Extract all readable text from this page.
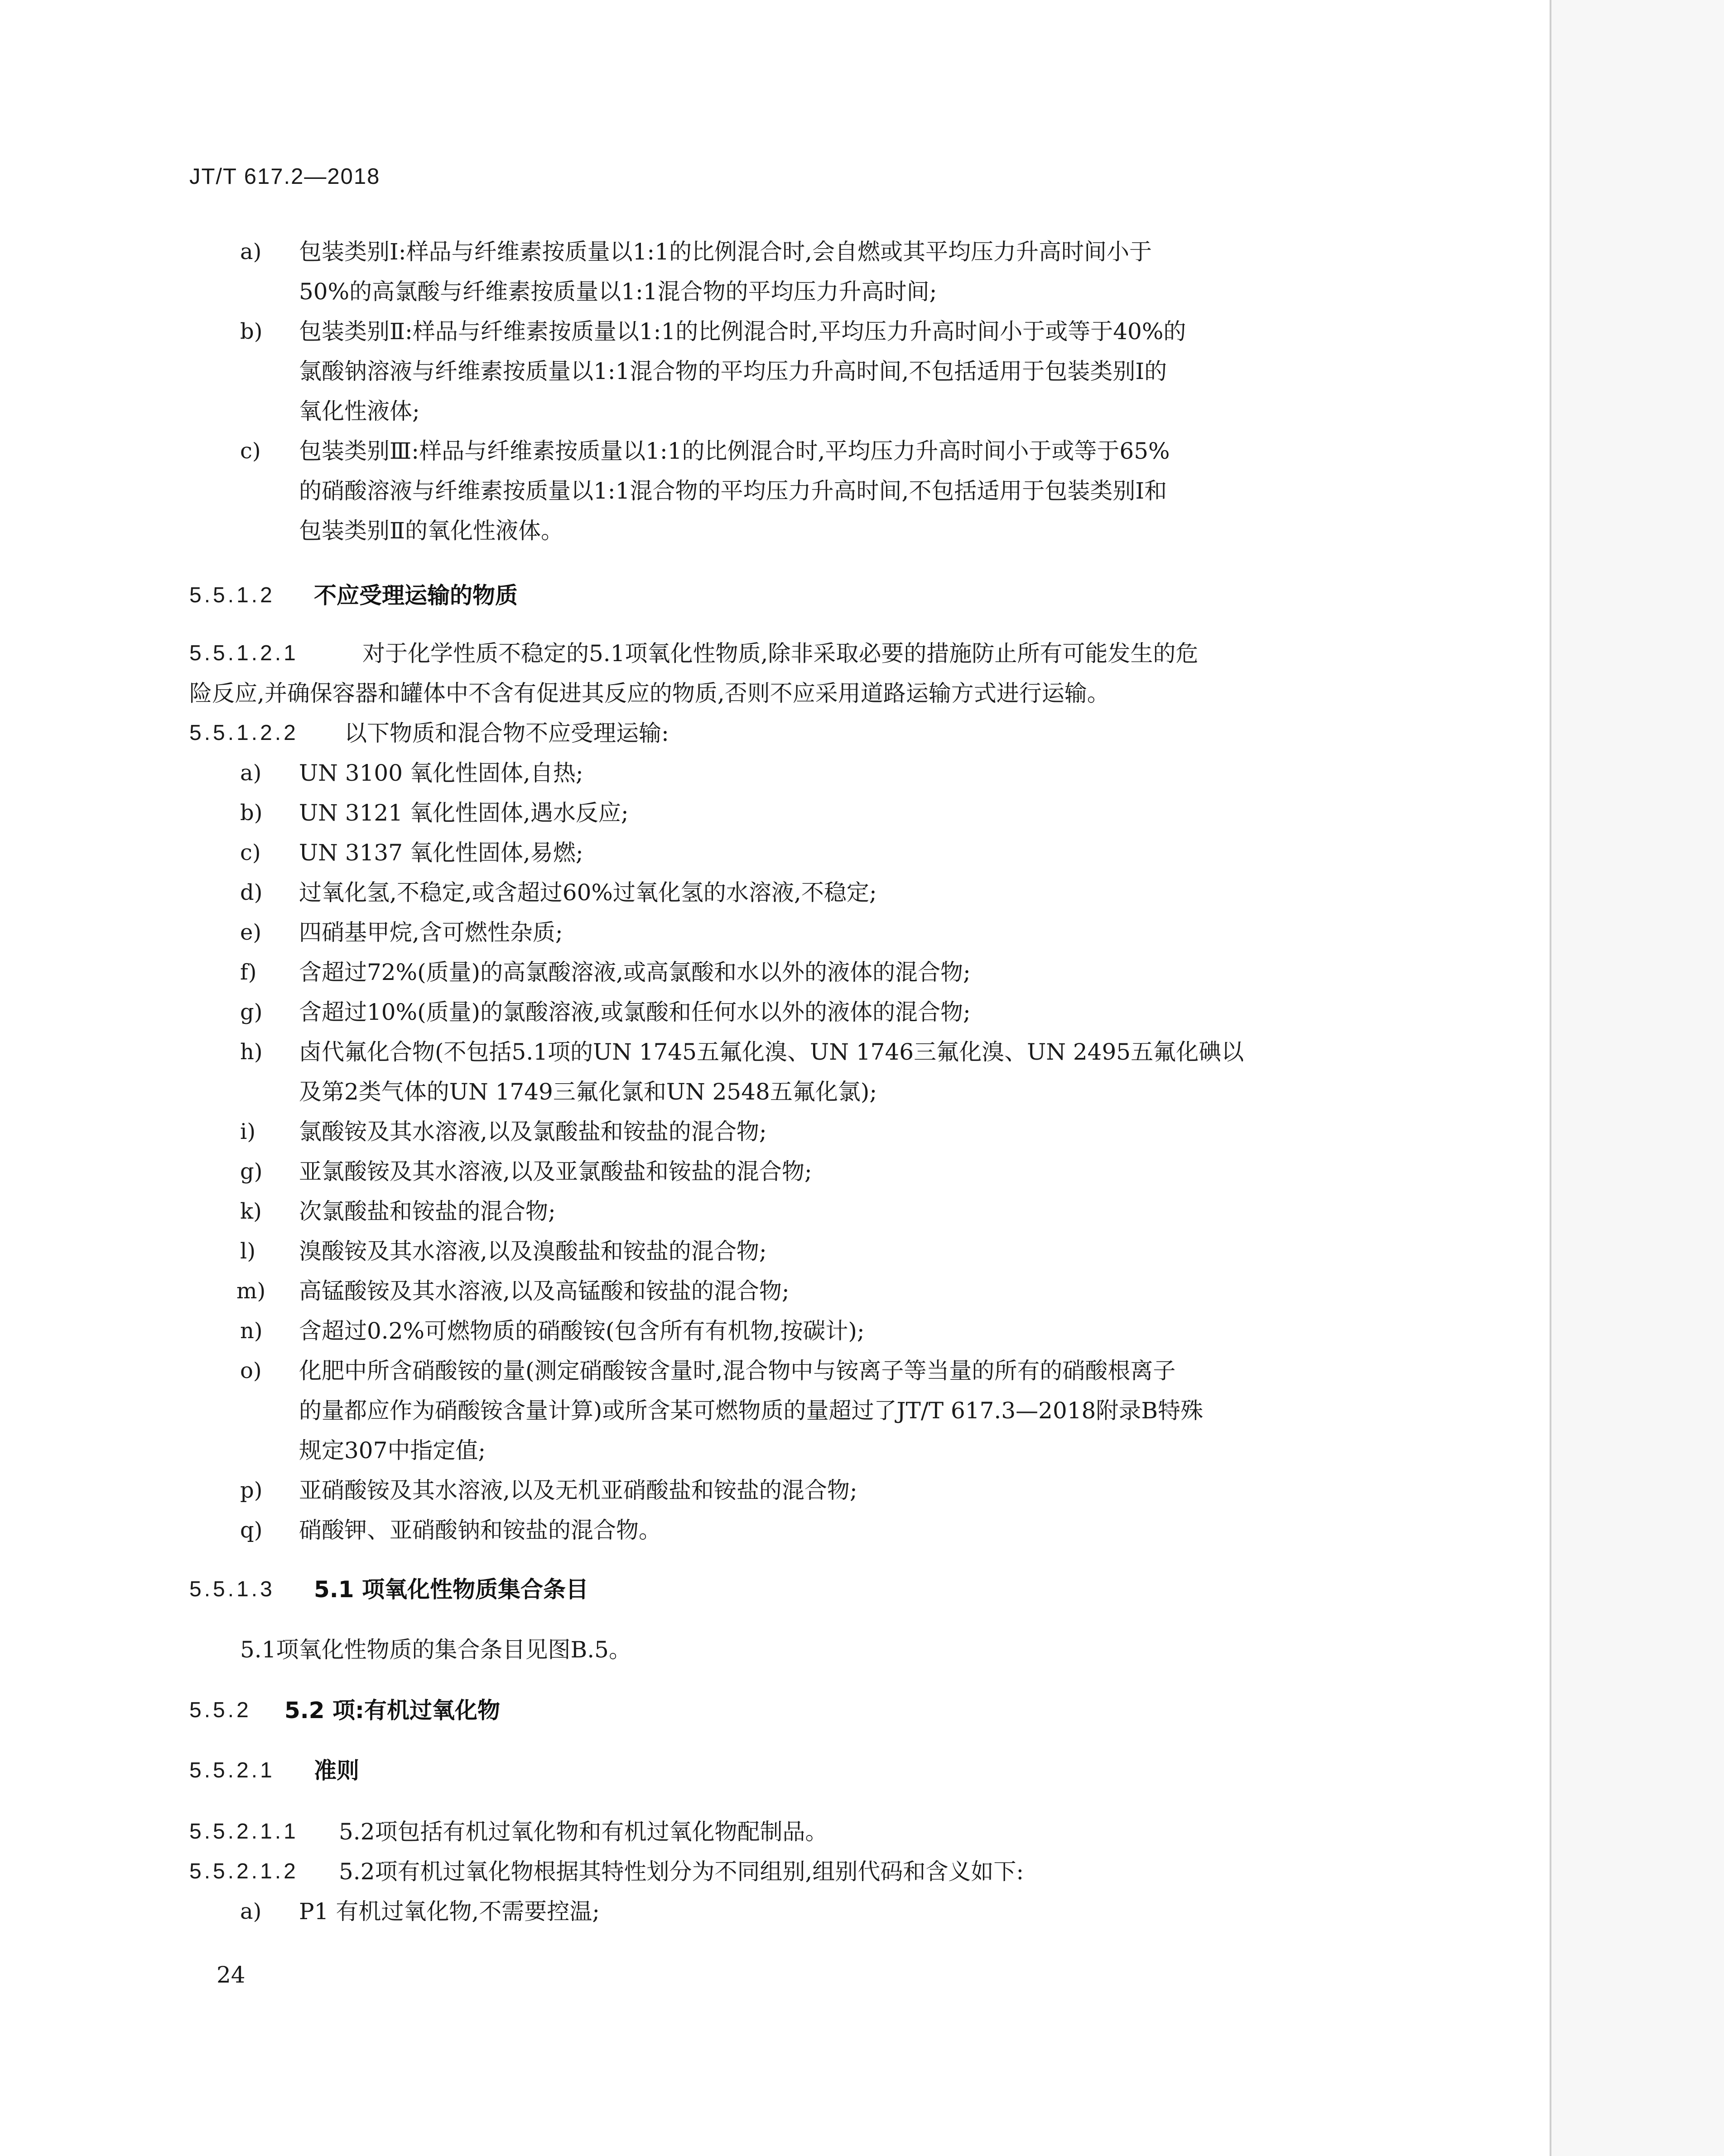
JT/T 617.2—2018
a) 包装类别Ⅰ:样品与纤维素按质量以1:1的比例混合时,会自燃或其平均压力升高时间小于
50%的高氯酸与纤维素按质量以1:1混合物的平均压力升高时间;
b) 包装类别Ⅱ:样品与纤维素按质量以1:1的比例混合时,平均压力升高时间小于或等于40%的
氯酸钠溶液与纤维素按质量以1:1混合物的平均压力升高时间,不包括适用于包装类别Ⅰ的
氧化性液体;
c) 包装类别Ⅲ:样品与纤维素按质量以1:1的比例混合时,平均压力升高时间小于或等于65%
的硝酸溶液与纤维素按质量以1:1混合物的平均压力升高时间,不包括适用于包装类别Ⅰ和
包装类别Ⅱ的氧化性液体。
5.5.1.2 不应受理运输的物质
5.5.1.2.1	对于化学性质不稳定的5.1项氧化性物质,除非采取必要的措施防止所有可能发生的危
险反应,并确保容器和罐体中不含有促进其反应的物质,否则不应采用道路运输方式进行运输。
5.5.1.2.2 以下物质和混合物不应受理运输:
a) UN 3100 氧化性固体,自热;
b) UN 3121 氧化性固体,遇水反应;
c) UN 3137 氧化性固体,易燃;
d) 过氧化氢,不稳定,或含超过60%过氧化氢的水溶液,不稳定;
e) 四硝基甲烷,含可燃性杂质;
f) 含超过72%(质量)的高氯酸溶液,或高氯酸和水以外的液体的混合物;
g) 含超过10%(质量)的氯酸溶液,或氯酸和任何水以外的液体的混合物;
h) 卤代氟化合物(不包括5.1项的UN 1745五氟化溴、UN 1746三氟化溴、UN 2495五氟化碘以
及第2类气体的UN 1749三氟化氯和UN 2548五氟化氯);
i) 氯酸铵及其水溶液,以及氯酸盐和铵盐的混合物;
g) 亚氯酸铵及其水溶液,以及亚氯酸盐和铵盐的混合物;
k) 次氯酸盐和铵盐的混合物;
l) 溴酸铵及其水溶液,以及溴酸盐和铵盐的混合物;
m) 高锰酸铵及其水溶液,以及高锰酸和铵盐的混合物;
n) 含超过0.2%可燃物质的硝酸铵(包含所有有机物,按碳计);
o) 化肥中所含硝酸铵的量(测定硝酸铵含量时,混合物中与铵离子等当量的所有的硝酸根离子
的量都应作为硝酸铵含量计算)或所含某可燃物质的量超过了JT/T 617.3—2018附录B特殊
规定307中指定值;
p) 亚硝酸铵及其水溶液,以及无机亚硝酸盐和铵盐的混合物;
q) 硝酸钾、亚硝酸钠和铵盐的混合物。
5.5.1.3 5.1 项氧化性物质集合条目
5.1项氧化性物质的集合条目见图B.5。
5.5.2 5.2 项:有机过氧化物
5.5.2.1 准则
5.5.2.1.1 5.2项包括有机过氧化物和有机过氧化物配制品。
5.5.2.1.2 5.2项有机过氧化物根据其特性划分为不同组别,组别代码和含义如下:
a) P1 有机过氧化物,不需要控温;
24
